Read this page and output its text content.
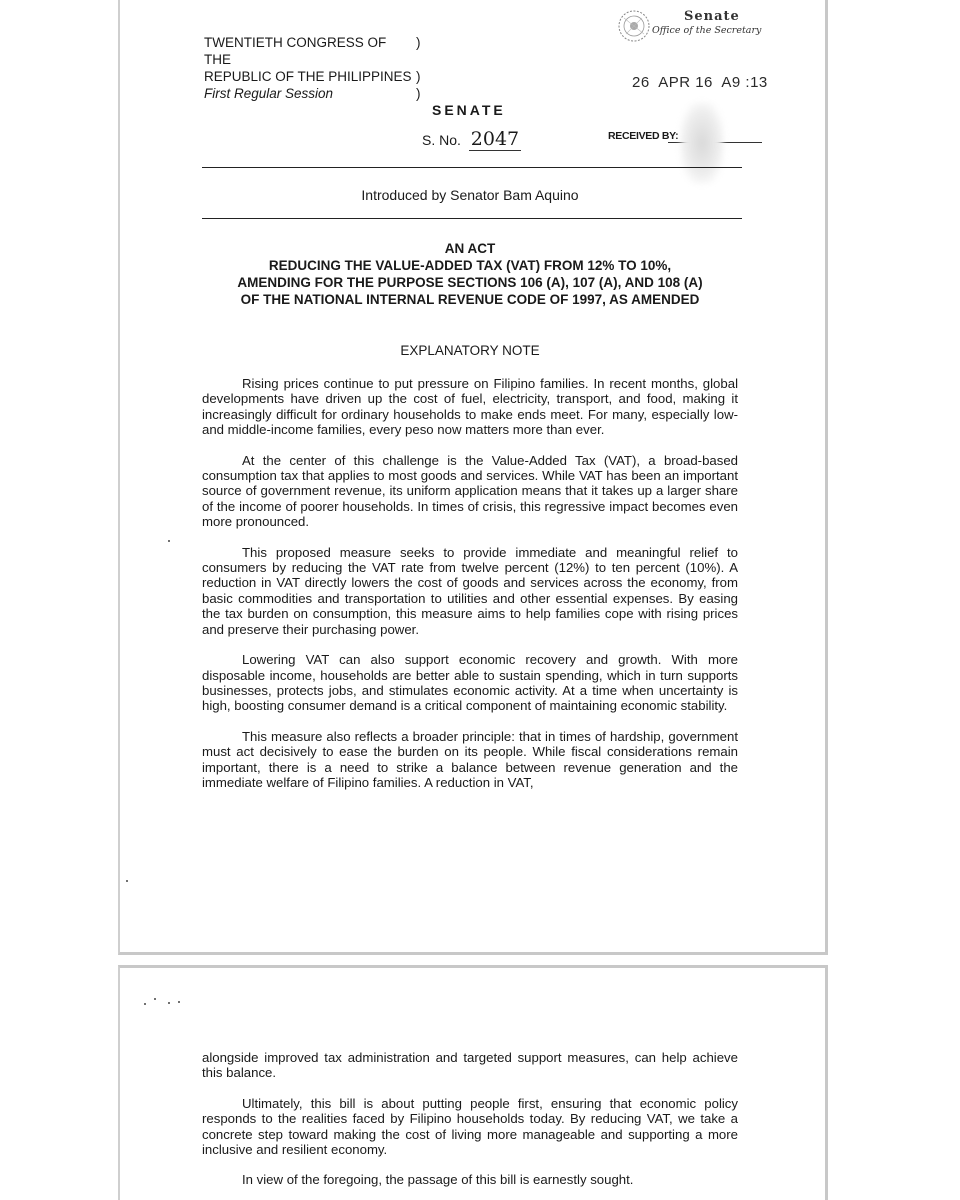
TWENTIETH CONGRESS OF THE
)
REPUBLIC OF THE PHILIPPINES )
First Regular Session	)
Senate
Office of the Secretary
26  APR 16  A9 :13
SENATE
S. No. 2047	RECEIVED BY:
Introduced by Senator Bam Aquino
AN ACT
REDUCING THE VALUE-ADDED TAX (VAT) FROM 12% TO 10%,
AMENDING FOR THE PURPOSE SECTIONS 106 (A), 107 (A), AND 108 (A)
OF THE NATIONAL INTERNAL REVENUE CODE OF 1997, AS AMENDED
EXPLANATORY NOTE

Rising prices continue to put pressure on Filipino families. In recent months, global developments have driven up the cost of fuel, electricity, transport, and food, making it increasingly difficult for ordinary households to make ends meet. For many, especially low- and middle-income families, every peso now matters more than ever.

At the center of this challenge is the Value-Added Tax (VAT), a broad-based consumption tax that applies to most goods and services. While VAT has been an important source of government revenue, its uniform application means that it takes up a larger share of the income of poorer households. In times of crisis, this regressive impact becomes even more pronounced.

This proposed measure seeks to provide immediate and meaningful relief to consumers by reducing the VAT rate from twelve percent (12%) to ten percent (10%). A reduction in VAT directly lowers the cost of goods and services across the economy, from basic commodities and transportation to utilities and other essential expenses. By easing the tax burden on consumption, this measure aims to help families cope with rising prices and preserve their purchasing power.

Lowering VAT can also support economic recovery and growth. With more disposable income, households are better able to sustain spending, which in turn supports businesses, protects jobs, and stimulates economic activity. At a time when uncertainty is high, boosting consumer demand is a critical component of maintaining economic stability.

This measure also reflects a broader principle: that in times of hardship, government must act decisively to ease the burden on its people. While fiscal considerations remain important, there is a need to strike a balance between revenue generation and the immediate welfare of Filipino families. A reduction in VAT,

alongside improved tax administration and targeted support measures, can help achieve this balance.

Ultimately, this bill is about putting people first, ensuring that economic policy responds to the realities faced by Filipino households today. By reducing VAT, we take a concrete step toward making the cost of living more manageable and supporting a more inclusive and resilient economy.

In view of the foregoing, the passage of this bill is earnestly sought.
